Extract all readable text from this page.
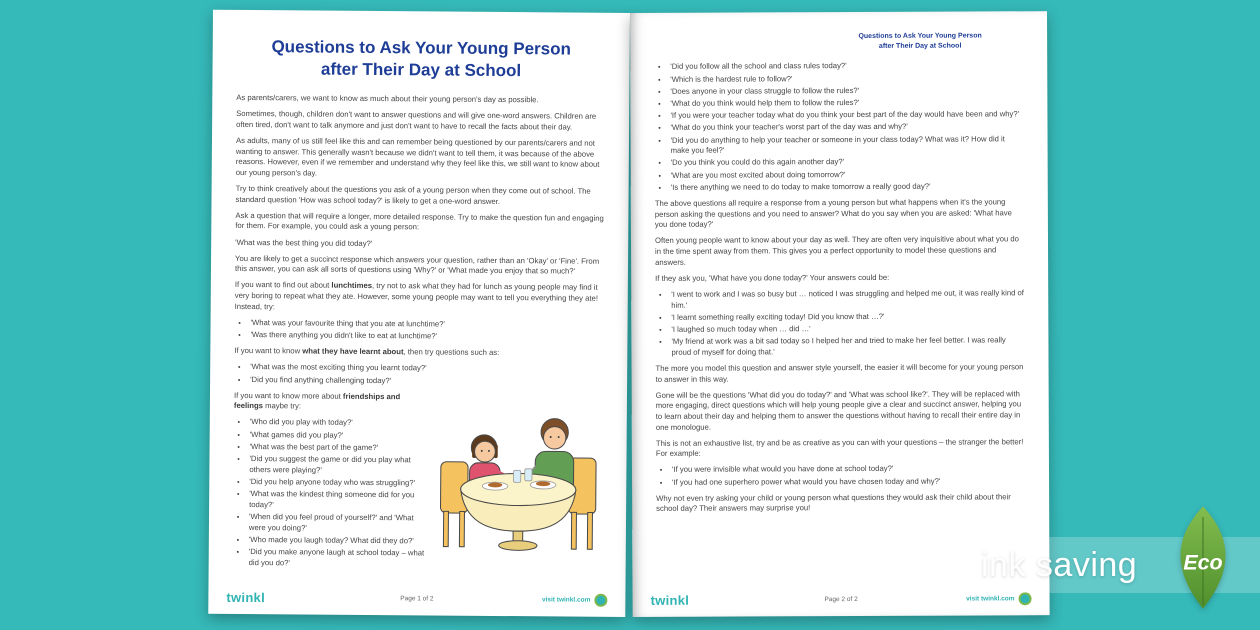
Questions to Ask Your Young Person
after Their Day at School

As parents/carers, we want to know as much about their young person's day as possible.

Sometimes, though, children don't want to answer questions and will give one-word answers. Children are often tired, don't want to talk anymore and just don't want to have to recall the facts about their day.

As adults, many of us still feel like this and can remember being questioned by our parents/carers and not wanting to answer. This generally wasn't because we didn't want to tell them, it was because of the above reasons. However, even if we remember and understand why they feel like this, we still want to know about our young person's day.

Try to think creatively about the questions you ask of a young person when they come out of school. The standard question 'How was school today?' is likely to get a one-word answer.

Ask a question that will require a longer, more detailed response. Try to make the question fun and engaging for them. For example, you could ask a young person:

'What was the best thing you did today?'

You are likely to get a succinct response which answers your question, rather than an 'Okay' or 'Fine'. From this answer, you can ask all sorts of questions using 'Why?' or 'What made you enjoy that so much?'

If you want to find out about lunchtimes, try not to ask what they had for lunch as young people may find it very boring to repeat what they ate. However, some young people may want to tell you everything they ate! Instead, try:

• 'What was your favourite thing that you ate at lunchtime?'
• 'Was there anything you didn't like to eat at lunchtime?'

If you want to know what they have learnt about, then try questions such as:

• 'What was the most exciting thing you learnt today?'
• 'Did you find anything challenging today?'

If you want to know more about friendships and feelings maybe try:

• 'Who did you play with today?'
• 'What games did you play?'
• 'What was the best part of the game?'
• 'Did you suggest the game or did you play what others were playing?'
• 'Did you help anyone today who was struggling?'
• 'What was the kindest thing someone did for you today?'
• 'When did you feel proud of yourself?' and 'What were you doing?'
• 'Who made you laugh today? What did they do?'
• 'Did you make anyone laugh at school today – what did you do?'
twinkl	Page 1 of 2	visit twinkl.com
Questions to Ask Your Young Person
after Their Day at School
• 'Did you follow all the school and class rules today?'
• 'Which is the hardest rule to follow?'
• 'Does anyone in your class struggle to follow the rules?'
• 'What do you think would help them to follow the rules?'
• 'If you were your teacher today what do you think your best part of the day would have been and why?'
• 'What do you think your teacher's worst part of the day was and why?'
• 'Did you do anything to help your teacher or someone in your class today? What was it? How did it make you feel?'
• 'Do you think you could do this again another day?'
• 'What are you most excited about doing tomorrow?'
• 'Is there anything we need to do today to make tomorrow a really good day?'

The above questions all require a response from a young person but what happens when it's the young person asking the questions and you need to answer? What do you say when you are asked: 'What have you done today?'

Often young people want to know about your day as well. They are often very inquisitive about what you do in the time spent away from them. This gives you a perfect opportunity to model these questions and answers.

If they ask you, 'What have you done today?' Your answers could be:

• 'I went to work and I was so busy but … noticed I was struggling and helped me out, it was really kind of him.'
• 'I learnt something really exciting today! Did you know that …?'
• 'I laughed so much today when … did …'
• 'My friend at work was a bit sad today so I helped her and tried to make her feel better. I was really proud of myself for doing that.'

The more you model this question and answer style yourself, the easier it will become for your young person to answer in this way.

Gone will be the questions 'What did you do today?' and 'What was school like?'. They will be replaced with more engaging, direct questions which will help young people give a clear and succinct answer, helping you to learn about their day and helping them to answer the questions without having to recall their entire day in one monologue.

This is not an exhaustive list, try and be as creative as you can with your questions – the stranger the better! For example:

• 'If you were invisible what would you have done at school today?'
• 'If you had one superhero power what would you have chosen today and why?'

Why not even try asking your child or young person what questions they would ask their child about their school day? Their answers may surprise you!

twinkl	Page 2 of 2	visit twinkl.com
ink saving Eco
